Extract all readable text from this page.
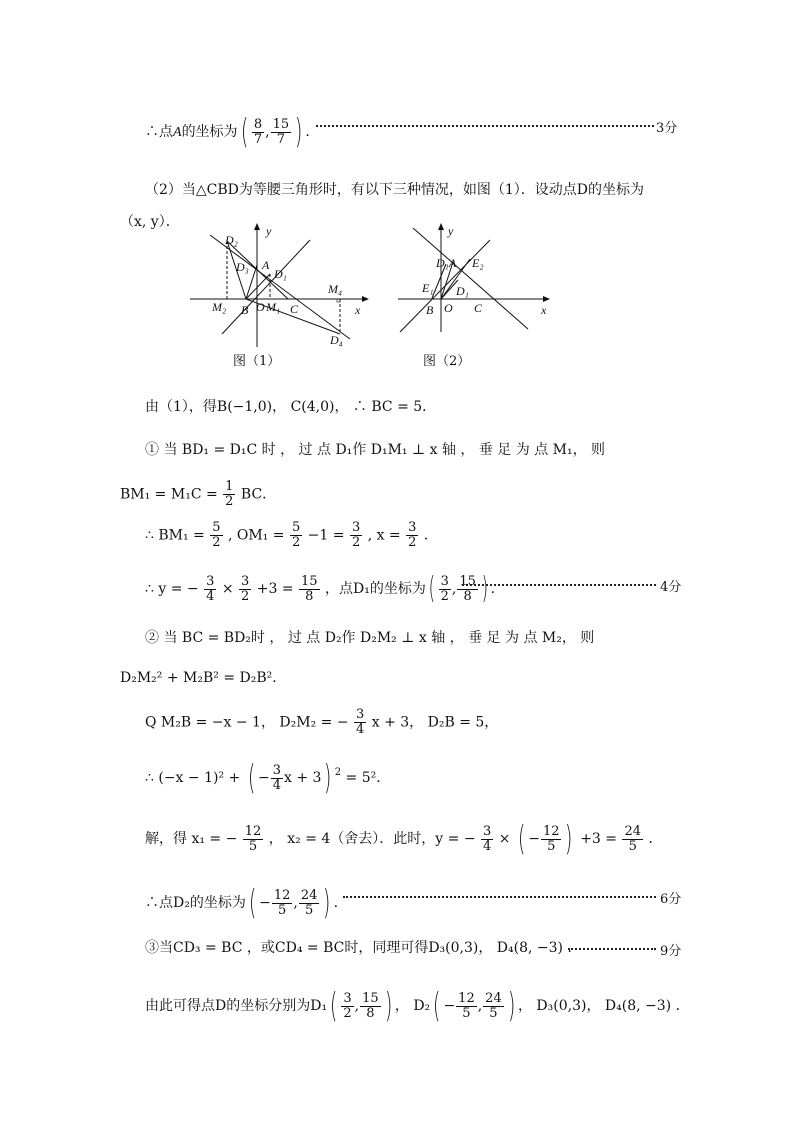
∴点A的坐标为( $\frac{8}{7}$ , $\frac{15}{7}$ ) .	3分
（2）当△CBD为等腰三角形时，有以下三种情况，如图（1）．设动点D的坐标为
（x, y）．
y
x
D₂
D₃ A
D₁
M₂ B O M₁ C
M₄
D₄
图（1）
y
x
D₁A E₂
E₁ D₁
B O C
图（2）
由（1），得B(−1,0)， C(4,0)， ∴ BC = 5．
① 当 BD₁ = D₁C 时 ， 过 点 D₁作 D₁M₁ ⊥ x 轴 ， 垂 足 为 点 M₁， 则
$BM_1 = M_1C = \frac{1}{2}$ BC．
∴ $BM_1 = \frac{5}{2}$ , $OM_1 = \frac{5}{2} -1 = \frac{3}{2}$ , $x = \frac{3}{2}$ ．
∴ y = − $\frac{3}{4} \times \frac{3}{2} +3 = \frac{15}{8}$ ，点D₁的坐标为( $\frac{3}{2}$ , $\frac{15}{8}$ ) ．	4分
② 当 BC = BD₂时 ， 过 点 D₂作 D₂M₂ ⊥ x 轴 ， 垂 足 为 点 M₂， 则
D₂M₂² + M₂B² = D₂B²．
Q M₂B = −x − 1， D₂M₂ = − $\frac{3}{4}$ x + 3， D₂B = 5，
∴ (−x − 1)² + ( − $\frac{3}{4}$ x + 3) $^2$ = 5²．
解，得 x₁ = − $\frac{12}{5}$ ， x₂ = 4（舍去）．此时，y = − $\frac{3}{4}$ × ( − $\frac{12}{5}$ ) $+3 = \frac{24}{5}$ ．
∴点D₂的坐标为( − $\frac{12}{5}$ , $\frac{24}{5}$ ) .	6分
③当CD₃ = BC ，或CD₄ = BC时，同理可得D₃(0,3)， D₄(8, −3) ．	9分
由此可得点D的坐标分别为$D_1( \frac{3}{2}$ , $\frac{15}{8}$ ) ， $D_2( - \frac{12}{5}$ , $\frac{24}{5}$ ) ， D₃(0,3)， D₄(8, −3) ．
